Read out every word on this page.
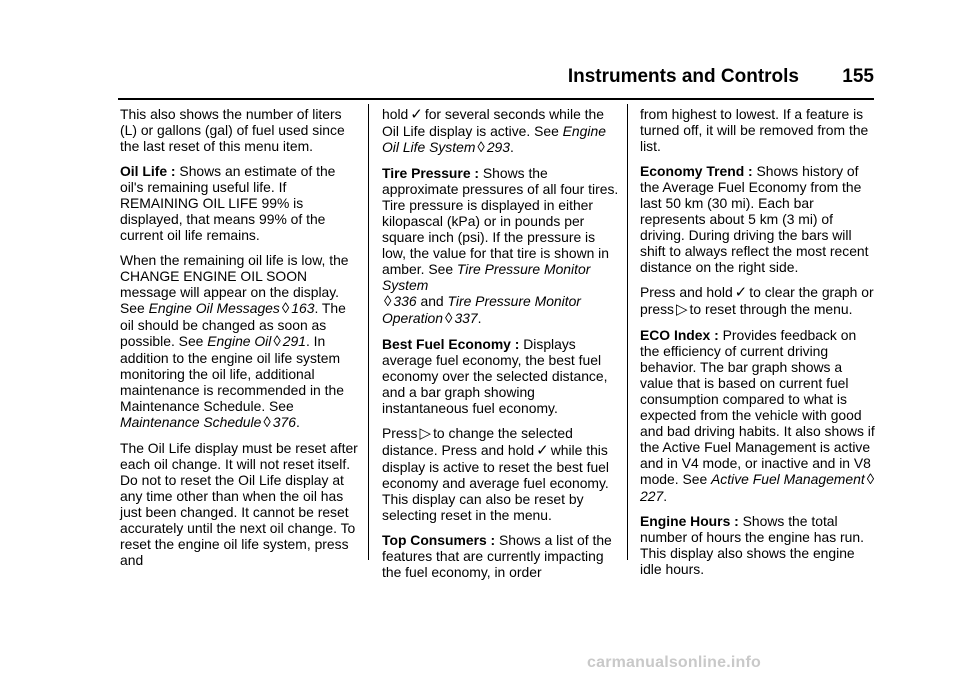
Instruments and Controls 155

This also shows the number of liters (L) or gallons (gal) of fuel used since the last reset of this menu item.

Oil Life : Shows an estimate of the oil's remaining useful life. If REMAINING OIL LIFE 99% is displayed, that means 99% of the current oil life remains.

When the remaining oil life is low, the CHANGE ENGINE OIL SOON message will appear on the display. See Engine Oil Messages ◊ 163. The oil should be changed as soon as possible. See Engine Oil ◊ 291. In addition to the engine oil life system monitoring the oil life, additional maintenance is recommended in the Maintenance Schedule. See Maintenance Schedule ◊ 376.

The Oil Life display must be reset after each oil change. It will not reset itself. Do not to reset the Oil Life display at any time other than when the oil has just been changed. It cannot be reset accurately until the next oil change. To reset the engine oil life system, press and

hold ✓ for several seconds while the Oil Life display is active. See Engine Oil Life System ◊ 293.

Tire Pressure : Shows the approximate pressures of all four tires. Tire pressure is displayed in either kilopascal (kPa) or in pounds per square inch (psi). If the pressure is low, the value for that tire is shown in amber. See Tire Pressure Monitor System
◊ 336 and Tire Pressure Monitor Operation ◊ 337.

Best Fuel Economy : Displays average fuel economy, the best fuel economy over the selected distance, and a bar graph showing instantaneous fuel economy.

Press ▷ to change the selected distance. Press and hold ✓ while this display is active to reset the best fuel economy and average fuel economy. This display can also be reset by selecting reset in the menu.

Top Consumers : Shows a list of the features that are currently impacting the fuel economy, in order

from highest to lowest. If a feature is turned off, it will be removed from the list.

Economy Trend : Shows history of the Average Fuel Economy from the last 50 km (30 mi). Each bar represents about 5 km (3 mi) of driving. During driving the bars will shift to always reflect the most recent distance on the right side.

Press and hold ✓ to clear the graph or press ▷ to reset through the menu.

ECO Index : Provides feedback on the efficiency of current driving behavior. The bar graph shows a value that is based on current fuel consumption compared to what is expected from the vehicle with good and bad driving habits. It also shows if the Active Fuel Management is active and in V4 mode, or inactive and in V8 mode. See Active Fuel Management ◊227.

Engine Hours : Shows the total number of hours the engine has run. This display also shows the engine idle hours.

carmanualsonline.info
